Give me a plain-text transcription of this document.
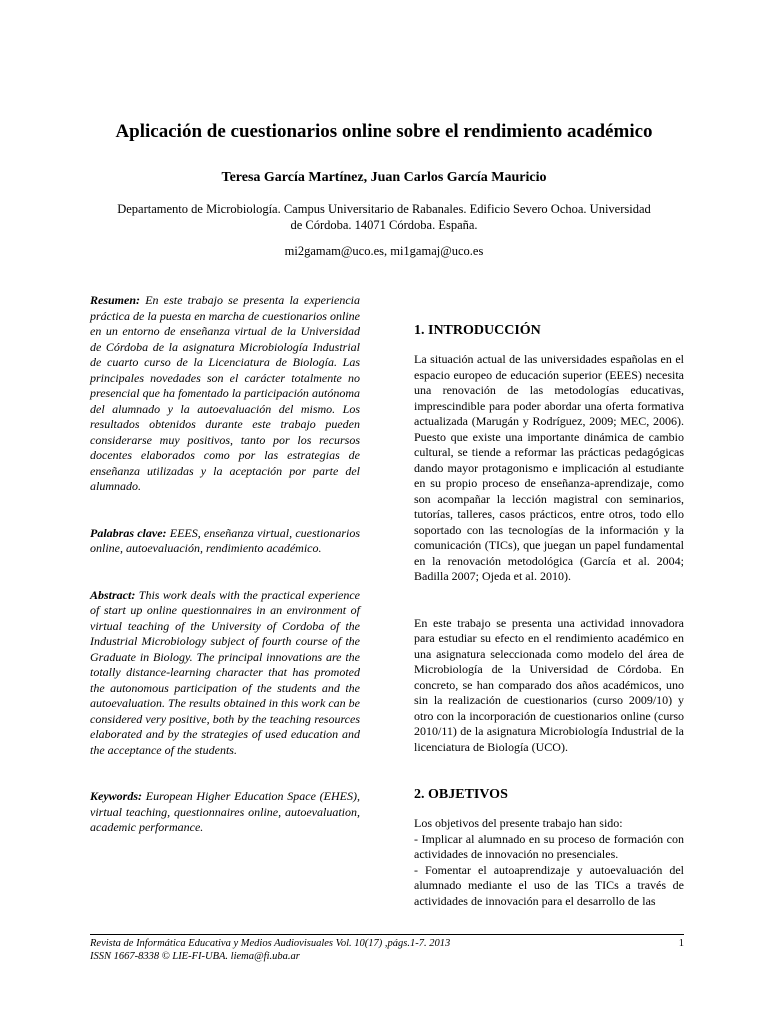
Aplicación de cuestionarios online sobre el rendimiento académico
Teresa García Martínez, Juan Carlos García Mauricio
Departamento de Microbiología. Campus Universitario de Rabanales. Edificio Severo Ochoa. Universidad de Córdoba. 14071 Córdoba. España.
mi2gamam@uco.es, mi1gamaj@uco.es

Resumen: En este trabajo se presenta la experiencia práctica de la puesta en marcha de cuestionarios online en un entorno de enseñanza virtual de la Universidad de Córdoba de la asignatura Microbiología Industrial de cuarto curso de la Licenciatura de Biología. Las principales novedades son el carácter totalmente no presencial que ha fomentado la participación autónoma del alumnado y la autoevaluación del mismo. Los resultados obtenidos durante este trabajo pueden considerarse muy positivos, tanto por los recursos docentes elaborados como por las estrategias de enseñanza utilizadas y la aceptación por parte del alumnado.

Palabras clave: EEES, enseñanza virtual, cuestionarios online, autoevaluación, rendimiento académico.

Abstract: This work deals with the practical experience of start up online questionnaires in an environment of virtual teaching of the University of Cordoba of the Industrial Microbiology subject of fourth course of the Graduate in Biology. The principal innovations are the totally distance-learning character that has promoted the autonomous participation of the students and the autoevaluation. The results obtained in this work can be considered very positive, both by the teaching resources elaborated and by the strategies of used education and the acceptance of the students.

Keywords: European Higher Education Space (EHES), virtual teaching, questionnaires online, autoevaluation, academic performance.

1. INTRODUCCIÓN

La situación actual de las universidades españolas en el espacio europeo de educación superior (EEES) necesita una renovación de las metodologías educativas, imprescindible para poder abordar una oferta formativa actualizada (Marugán y Rodríguez, 2009; MEC, 2006). Puesto que existe una importante dinámica de cambio cultural, se tiende a reformar las prácticas pedagógicas dando mayor protagonismo e implicación al estudiante en su propio proceso de enseñanza-aprendizaje, como son acompañar la lección magistral con seminarios, tutorías, talleres, casos prácticos, entre otros, todo ello soportado con las tecnologías de la información y la comunicación (TICs), que juegan un papel fundamental en la renovación metodológica (García et al. 2004; Badilla 2007; Ojeda et al. 2010).

En este trabajo se presenta una actividad innovadora para estudiar su efecto en el rendimiento académico en una asignatura seleccionada como modelo del área de Microbiología de la Universidad de Córdoba. En concreto, se han comparado dos años académicos, uno sin la realización de cuestionarios (curso 2009/10) y otro con la incorporación de cuestionarios online (curso 2010/11) de la asignatura Microbiología Industrial de la licenciatura de Biología (UCO).

2. OBJETIVOS

Los objetivos del presente trabajo han sido:

- Implicar al alumnado en su proceso de formación con actividades de innovación no presenciales.

- Fomentar el autoaprendizaje y autoevaluación del alumnado mediante el uso de las TICs a través de actividades de innovación para el desarrollo de las

Revista de Informática Educativa y Medios Audiovisuales Vol. 10(17) ,págs.1-7. 2013	1
ISSN 1667-8338 © LIE-FI-UBA. liema@fi.uba.ar
